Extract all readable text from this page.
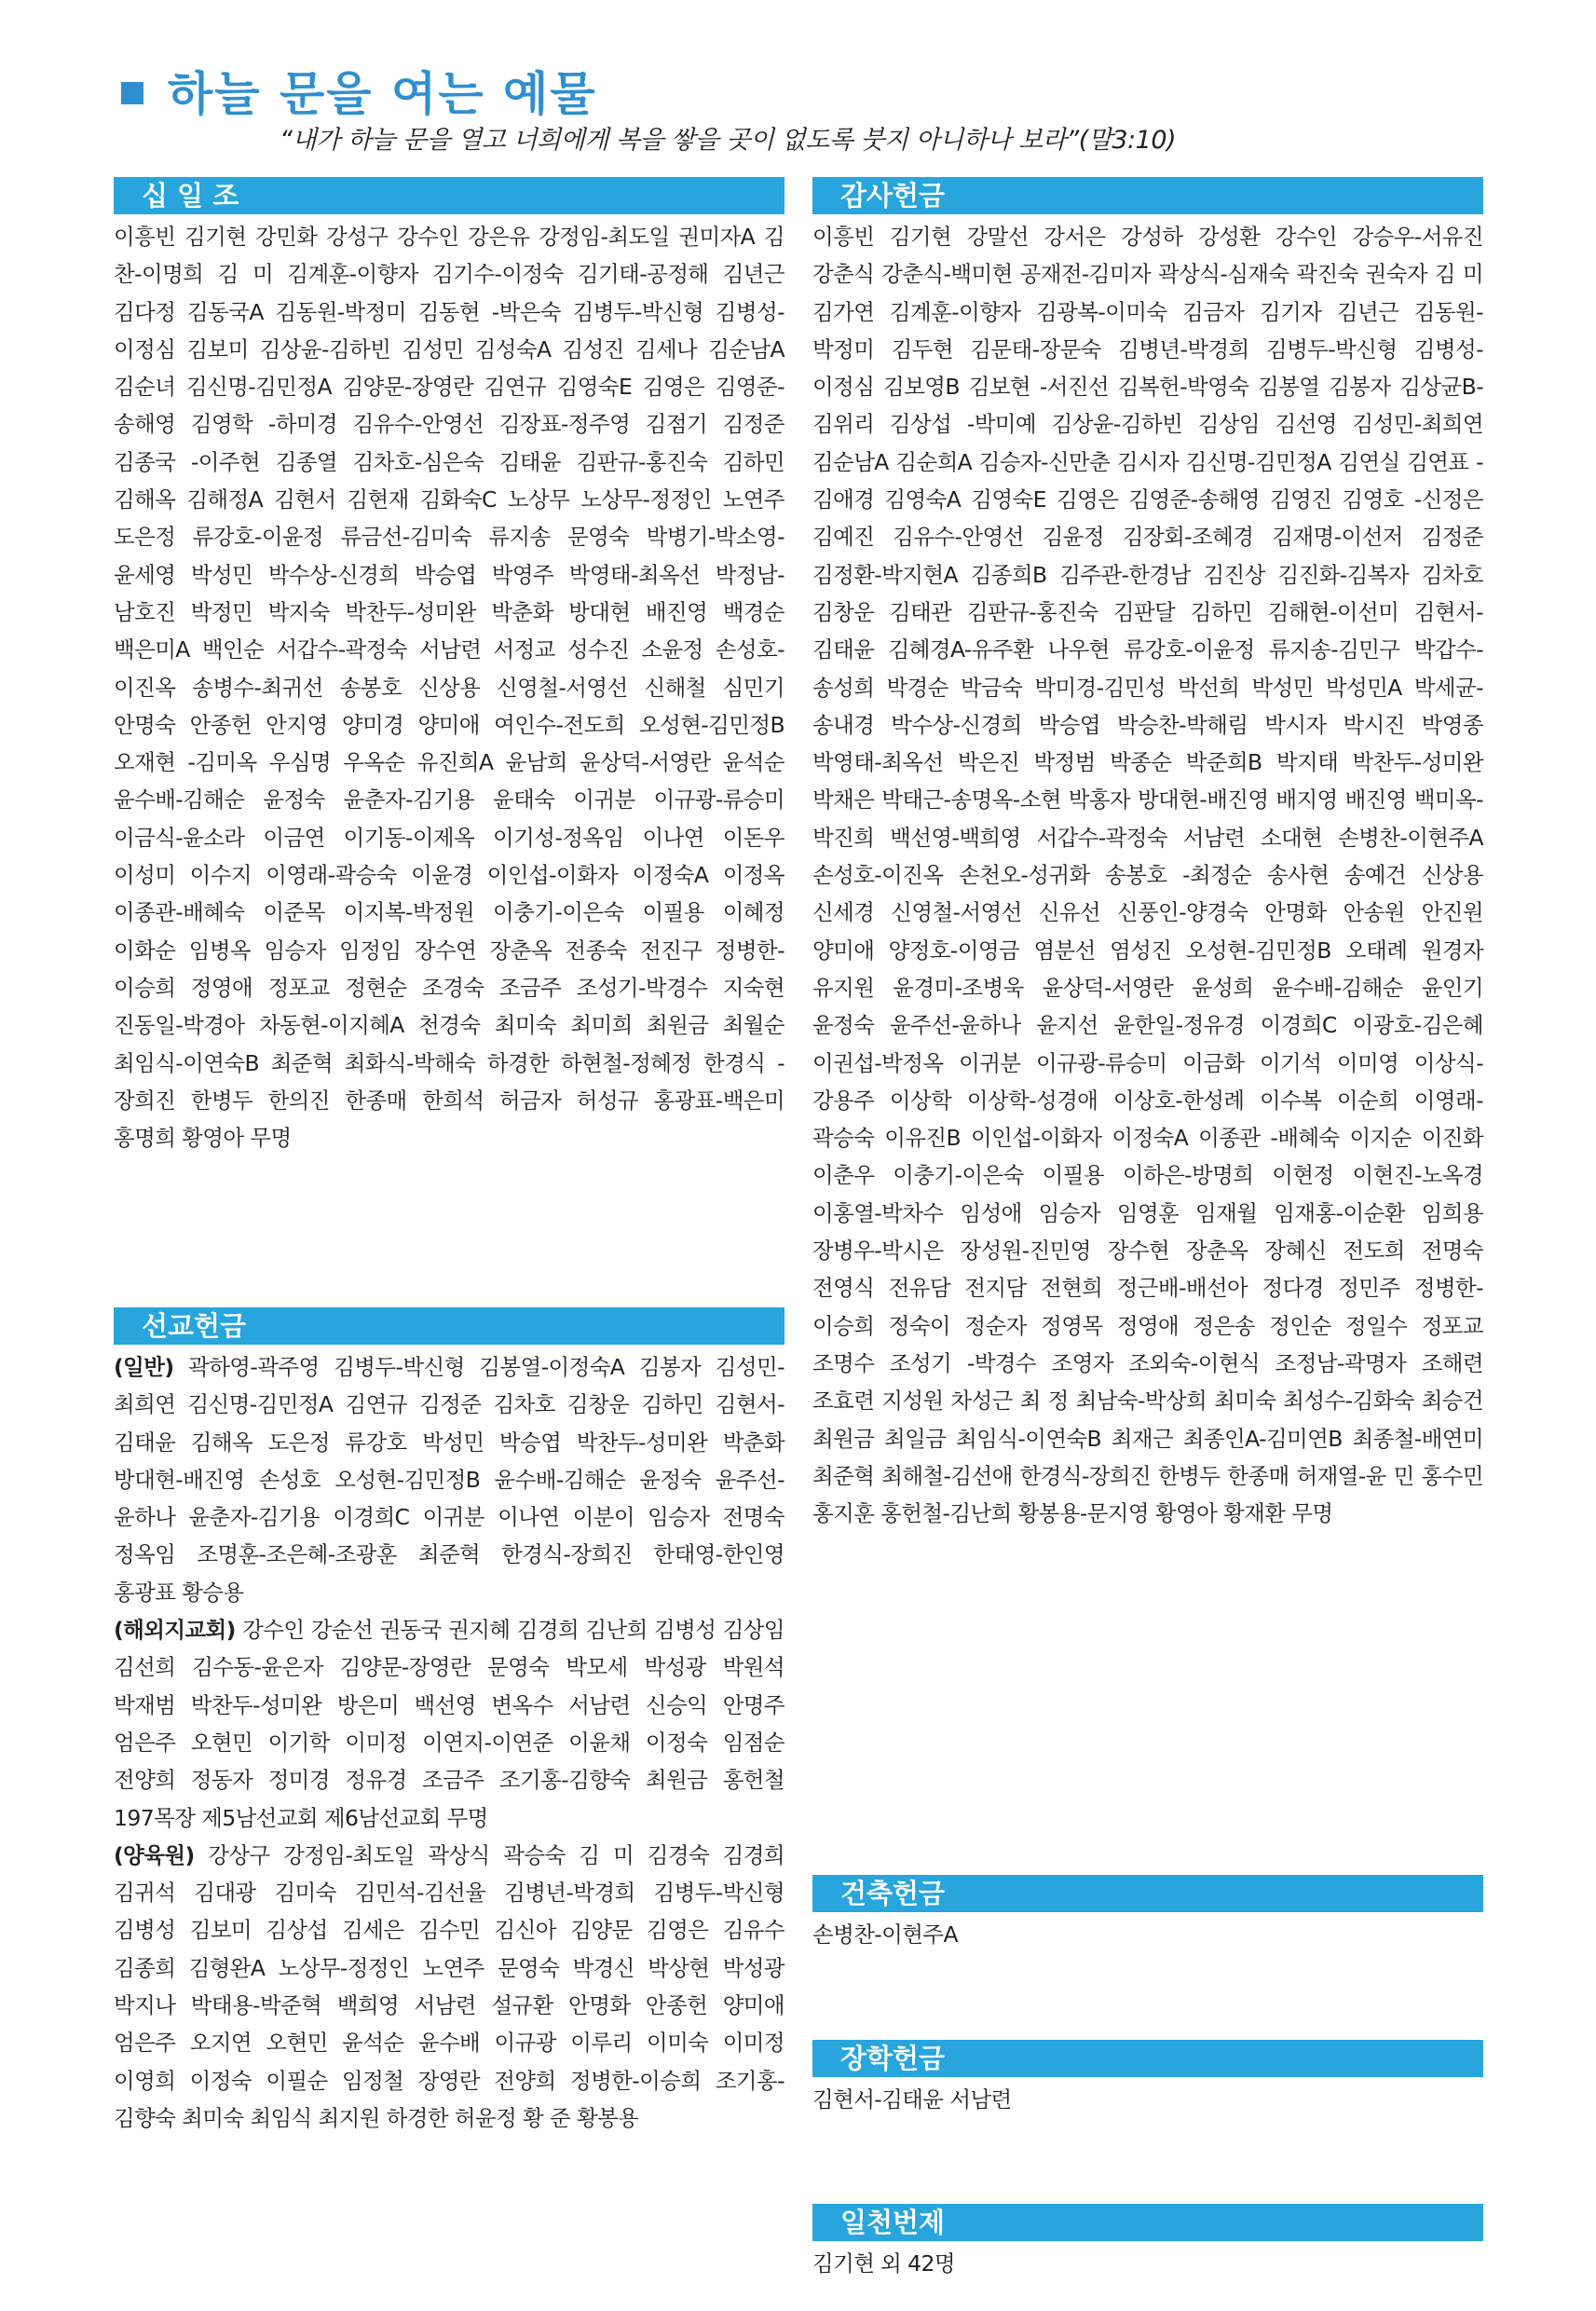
하늘 문을 여는 예물
“내가 하늘 문을 열고 너희에게 복을 쌓을 곳이 없도록 붓지 아니하나 보라”(말3:10)
십 일 조
이흥빈 김기현 강민화 강성구 강수인 강은유 강정임-최도일 권미자A 김 찬-이명희 김 미 김계훈-이향자 김기수-이정숙 김기태-공정해 김년근 김다정 김동국A 김동원-박정미 김동현 -박은숙 김병두-박신형 김병성-이정심 김보미 김상윤-김하빈 김성민 김성숙A 김성진 김세나 김순남A 김순녀 김신명-김민정A 김양문-장영란 김연규 김영숙E 김영은 김영준-송해영 김영학 -하미경 김유수-안영선 김장표-정주영 김점기 김정준 김종국 -이주현 김종열 김차호-심은숙 김태윤 김판규-홍진숙 김하민 김해옥 김해정A 김현서 김현재 김화숙C 노상무 노상무-정정인 노연주 도은정 류강호-이윤정 류금선-김미숙 류지송 문영숙 박병기-박소영-윤세영 박성민 박수상-신경희 박승엽 박영주 박영태-최옥선 박정남-남호진 박정민 박지숙 박찬두-성미완 박춘화 방대현 배진영 백경순 백은미A 백인순 서갑수-곽정숙 서남련 서정교 성수진 소윤정 손성호-이진옥 송병수-최귀선 송봉호 신상용 신영철-서영선 신해철 심민기 안명숙 안종헌 안지영 양미경 양미애 여인수-전도희 오성현-김민정B 오재현 -김미옥 우심명 우옥순 유진희A 윤남희 윤상덕-서영란 윤석순 윤수배-김해순 윤정숙 윤춘자-김기용 윤태숙 이귀분 이규광-류승미 이금식-윤소라 이금연 이기동-이제옥 이기성-정옥임 이나연 이돈우 이성미 이수지 이영래-곽승숙 이윤경 이인섭-이화자 이정숙A 이정옥 이종관-배혜숙 이준목 이지복-박정원 이충기-이은숙 이필용 이혜정 이화순 임병옥 임승자 임정임 장수연 장춘옥 전종숙 전진구 정병한-이승희 정영애 정포교 정현순 조경숙 조금주 조성기-박경수 지숙현 진동일-박경아 차동현-이지혜A 천경숙 최미숙 최미희 최원금 최월순 최임식-이연숙B 최준혁 최화식-박해숙 하경한 하현철-정혜정 한경식 -장희진 한병두 한의진 한종매 한희석 허금자 허성규 홍광표-백은미 홍명희 황영아 무명
선교헌금
(일반) 곽하영-곽주영 김병두-박신형 김봉열-이정숙A 김봉자 김성민-최희연 김신명-김민정A 김연규 김정준 김차호 김창운 김하민 김현서-김태윤 김해옥 도은정 류강호 박성민 박승엽 박찬두-성미완 박춘화 방대현-배진영 손성호 오성현-김민정B 윤수배-김해순 윤정숙 윤주선-윤하나 윤춘자-김기용 이경희C 이귀분 이나연 이분이 임승자 전명숙 정옥임 조명훈-조은혜-조광훈 최준혁 한경식-장희진 한태영-한인영 홍광표 황승용
(해외지교회) 강수인 강순선 권동국 권지혜 김경희 김난희 김병성 김상임 김선희 김수동-윤은자 김양문-장영란 문영숙 박모세 박성광 박원석 박재범 박찬두-성미완 방은미 백선영 변옥수 서남련 신승익 안명주 엄은주 오현민 이기학 이미정 이연지-이연준 이윤채 이정숙 임점순 전양희 정동자 정미경 정유경 조금주 조기홍-김향숙 최원금 홍헌철 197목장 제5남선교회 제6남선교회 무명
(양육원) 강상구 강정임-최도일 곽상식 곽승숙 김 미 김경숙 김경희 김귀석 김대광 김미숙 김민석-김선율 김병년-박경희 김병두-박신형 김병성 김보미 김상섭 김세은 김수민 김신아 김양문 김영은 김유수 김종희 김형완A 노상무-정정인 노연주 문영숙 박경신 박상현 박성광 박지나 박태용-박준혁 백희영 서남련 설규환 안명화 안종헌 양미애 엄은주 오지연 오현민 윤석순 윤수배 이규광 이루리 이미숙 이미정 이영희 이정숙 이필순 임정철 장영란 전양희 정병한-이승희 조기홍-김향숙 최미숙 최임식 최지원 하경한 허윤정 황 준 황봉용
감사헌금
이흥빈 김기현 강말선 강서은 강성하 강성환 강수인 강승우-서유진 강춘식 강춘식-백미현 공재전-김미자 곽상식-심재숙 곽진숙 권숙자 김 미 김가연 김계훈-이향자 김광복-이미숙 김금자 김기자 김년근 김동원-박정미 김두현 김문태-장문숙 김병년-박경희 김병두-박신형 김병성-이정심 김보영B 김보현 -서진선 김복헌-박영숙 김봉열 김봉자 김상균B-김위리 김상섭 -박미예 김상윤-김하빈 김상임 김선영 김성민-최희연 김순남A 김순희A 김승자-신만춘 김시자 김신명-김민정A 김연실 김연표 -김애경 김영숙A 김영숙E 김영은 김영준-송해영 김영진 김영호 -신정은 김예진 김유수-안영선 김윤정 김장회-조혜경 김재명-이선저 김정준 김정환-박지현A 김종희B 김주관-한경남 김진상 김진화-김복자 김차호 김창운 김태관 김판규-홍진숙 김판달 김하민 김해현-이선미 김현서-김태윤 김혜경A-유주환 나우현 류강호-이윤정 류지송-김민구 박갑수-송성희 박경순 박금숙 박미경-김민성 박선희 박성민 박성민A 박세균-송내경 박수상-신경희 박승엽 박승찬-박해림 박시자 박시진 박영종 박영태-최옥선 박은진 박정범 박종순 박준희B 박지태 박찬두-성미완 박채은 박태근-송명옥-소현 박홍자 방대현-배진영 배지영 배진영 백미옥-박진희 백선영-백희영 서갑수-곽정숙 서남련 소대현 손병찬-이현주A 손성호-이진옥 손천오-성귀화 송봉호 -최정순 송사현 송예건 신상용 신세경 신영철-서영선 신유선 신풍인-양경숙 안명화 안송원 안진원 양미애 양정호-이영금 염분선 염성진 오성현-김민정B 오태례 원경자 유지원 윤경미-조병욱 윤상덕-서영란 윤성희 윤수배-김해순 윤인기 윤정숙 윤주선-윤하나 윤지선 윤한일-정유경 이경희C 이광호-김은혜 이권섭-박정옥 이귀분 이규광-류승미 이금화 이기석 이미영 이상식-강용주 이상학 이상학-성경애 이상호-한성례 이수복 이순희 이영래-곽승숙 이유진B 이인섭-이화자 이정숙A 이종관 -배혜숙 이지순 이진화 이춘우 이충기-이은숙 이필용 이하은-방명희 이현정 이현진-노옥경 이홍열-박차수 임성애 임승자 임영훈 임재월 임재홍-이순환 임희용 장병우-박시은 장성원-진민영 장수현 장춘옥 장혜신 전도희 전명숙 전영식 전유담 전지담 전현희 정근배-배선아 정다경 정민주 정병한-이승희 정숙이 정순자 정영목 정영애 정은송 정인순 정일수 정포교 조명수 조성기 -박경수 조영자 조외숙-이현식 조정남-곽명자 조해련 조효련 지성원 차성근 최 정 최남숙-박상희 최미숙 최성수-김화숙 최승건 최원금 최일금 최임식-이연숙B 최재근 최종인A-김미연B 최종철-배연미 최준혁 최해철-김선애 한경식-장희진 한병두 한종매 허재열-윤 민 홍수민 홍지훈 홍헌철-김난희 황봉용-문지영 황영아 황재환 무명
건축헌금
손병찬-이현주A
장학헌금
김현서-김태윤 서남련
일천번제
김기현 외 42명
